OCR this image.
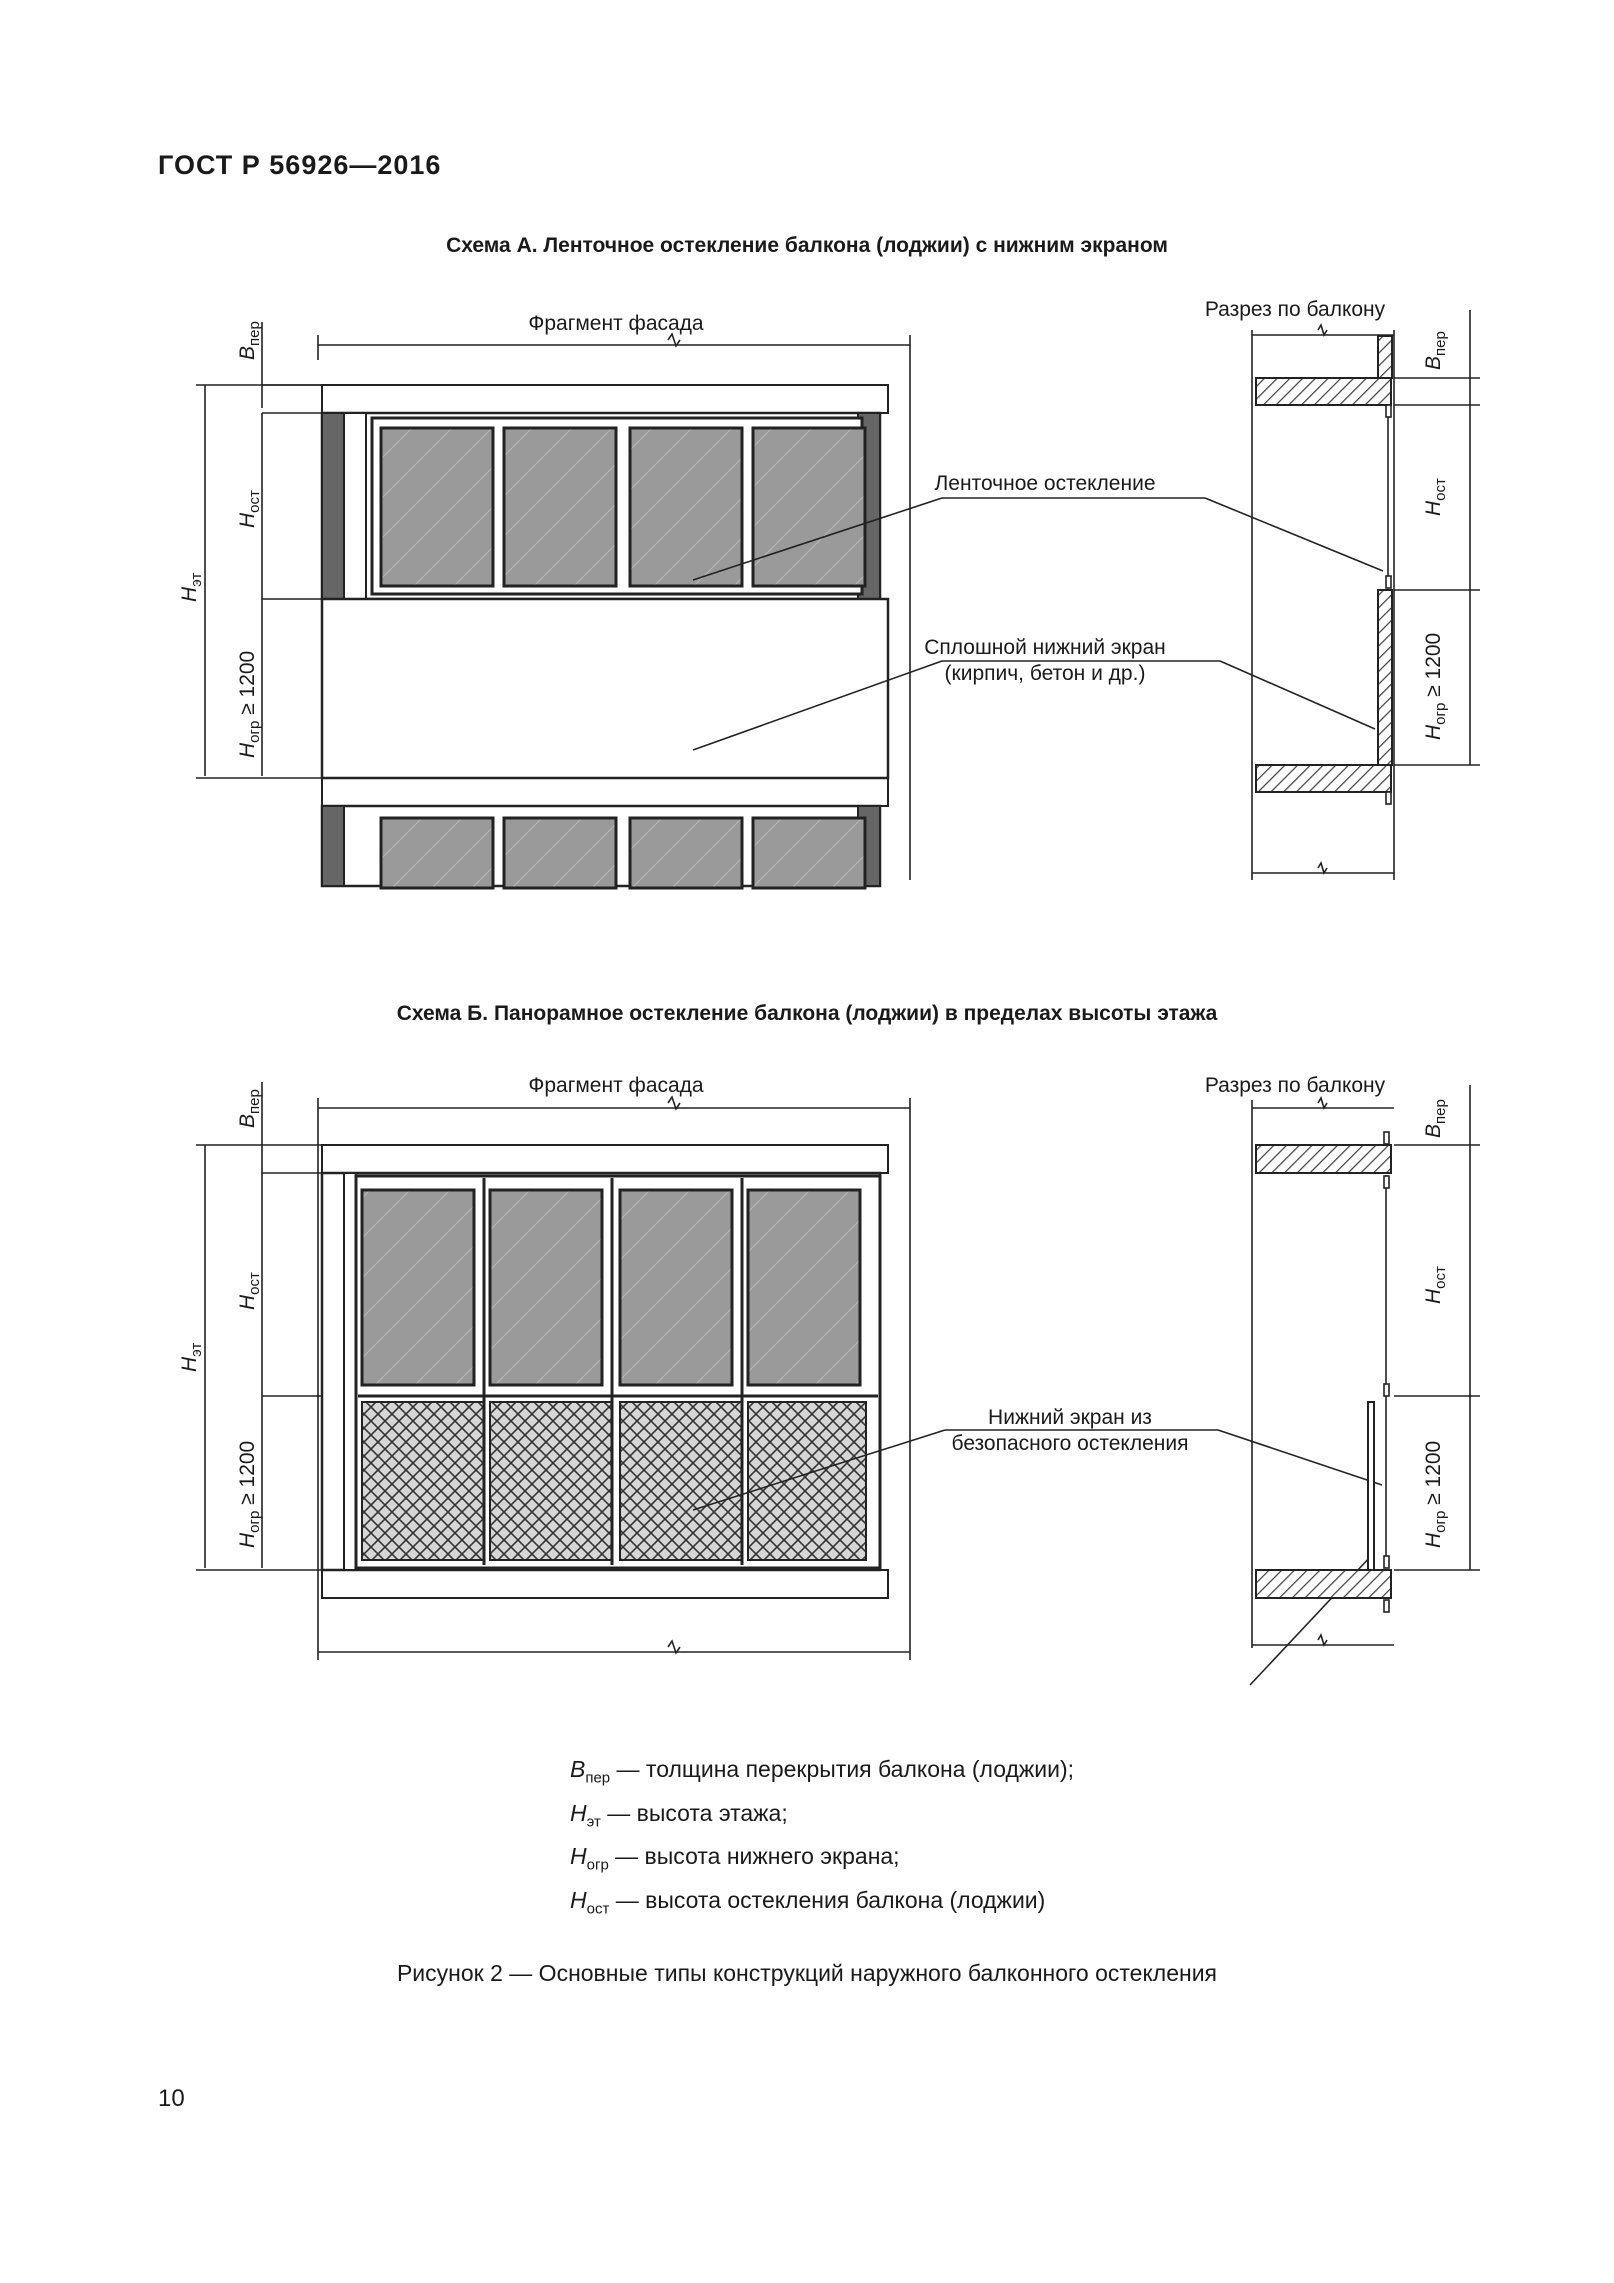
ГОСТ Р 56926—2016
Схема А. Ленточное остекление балкона (лоджии) с нижним экраном
Фрагмент фасада
$B_{пер}$
$H_{ост}$
$H_{огр} \ge 1200$
$H_{эт}$
Ленточное остекление
Сплошной нижний экран
(кирпич, бетон и др.)
Разрез по балкону
$B_{пер}$
$H_{ост}$
$H_{огр} \ge 1200$
Схема Б. Панорамное остекление балкона (лоджии) в пределах высоты этажа
Фрагмент фасада
$B_{пер}$
$H_{ост}$
$H_{огр} \ge 1200$
$H_{эт}$
Нижний экран из
безопасного остекления
Разрез по балкону
$B_{пер}$
$H_{ост}$
$H_{огр} \ge 1200$
$B_{пер}$ — толщина перекрытия балкона (лоджии);
$H_{эт}$ — высота этажа;
$H_{огр}$ — высота нижнего экрана;
$H_{ост}$ — высота остекления балкона (лоджии)
Рисунок 2 — Основные типы конструкций наружного балконного остекления
10
